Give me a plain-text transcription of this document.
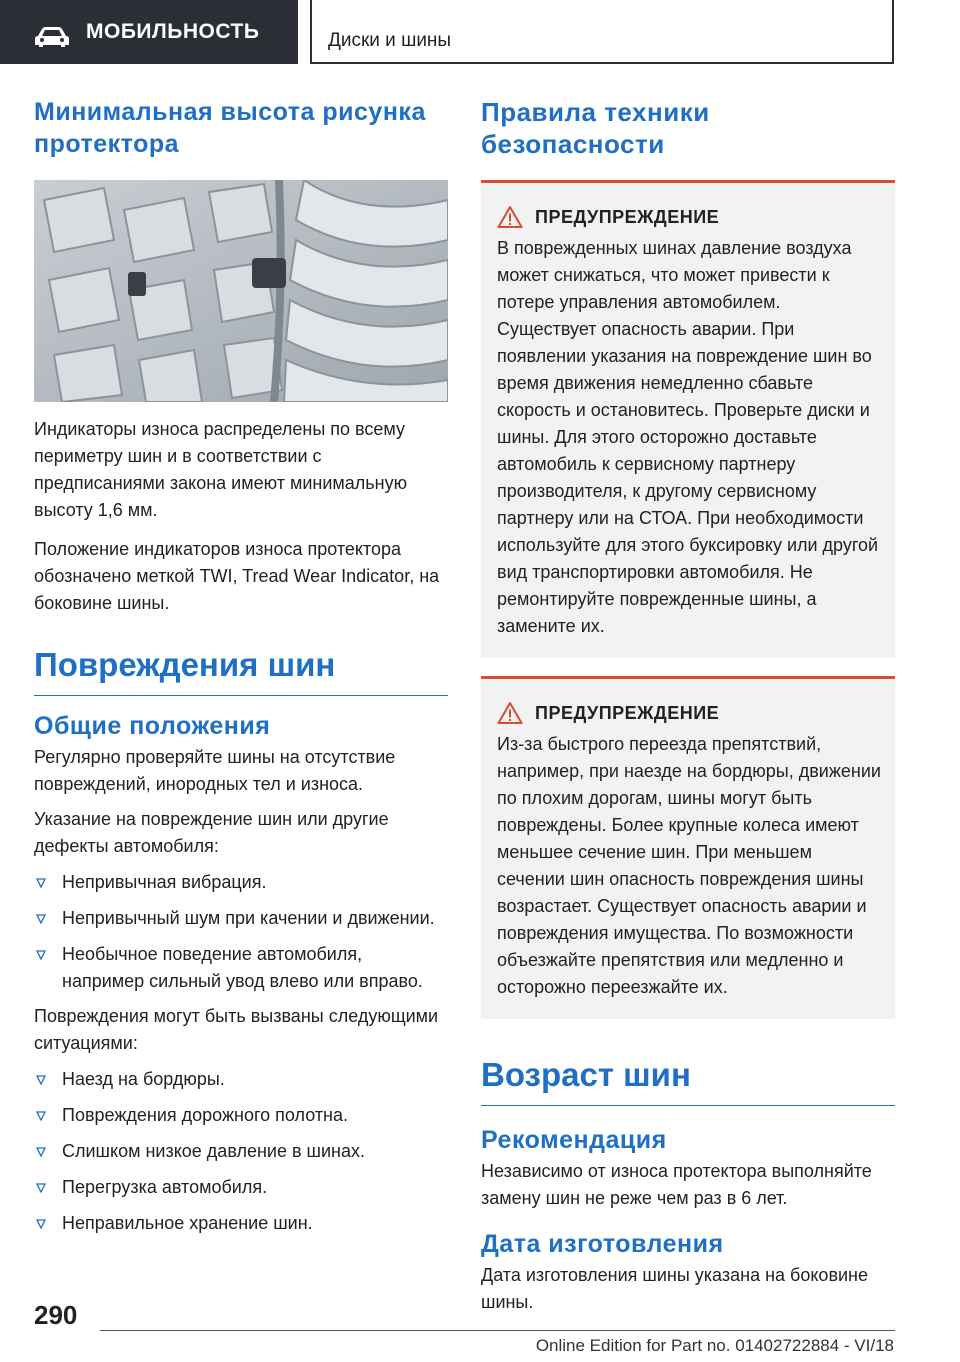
МОБИЛЬНОСТЬ	Диски и шины
Минимальная высота рисунка протектора

Индикаторы износа распределены по всему периметру шин и в соответствии с предписаниями закона имеют минимальную высоту 1,6 мм.

Положение индикаторов износа протектора обозначено меткой TWI, Tread Wear Indicator, на боковине шины.

Повреждения шин
Общие положения

Регулярно проверяйте шины на отсутствие повреждений, инородных тел и износа.

Указание на повреждение шин или другие дефекты автомобиля:

Непривычная вибрация.
Непривычный шум при качении и движении.
Необычное поведение автомобиля, например сильный увод влево или вправо.

Повреждения могут быть вызваны следующими ситуациями:

Наезд на бордюры.
Повреждения дорожного полотна.
Слишком низкое давление в шинах.
Перегрузка автомобиля.
Неправильное хранение шин.
Правила техники безопасности
ПРЕДУПРЕЖДЕНИЕ

В поврежденных шинах давление воздуха может снижаться, что может привести к потере управления автомобилем. Существует опасность аварии. При появлении указания на повреждение шин во время движения немедленно сбавьте скорость и остановитесь. Проверьте диски и шины. Для этого осторожно доставьте автомобиль к сервисному партнеру производителя, к другому сервисному партнеру или на СТОА. При необходимости используйте для этого буксировку или другой вид транспортировки автомобиля. Не ремонтируйте поврежденные шины, а замените их.

ПРЕДУПРЕЖДЕНИЕ

Из-за быстрого переезда препятствий, например, при наезде на бордюры, движении по плохим дорогам, шины могут быть повреждены. Более крупные колеса имеют меньшее сечение шин. При меньшем сечении шин опасность повреждения шины возрастает. Существует опасность аварии и повреждения имущества. По возможности объезжайте препятствия или медленно и осторожно переезжайте их.

Возраст шин
Рекомендация

Независимо от износа протектора выполняйте замену шин не реже чем раз в 6 лет.

Дата изготовления

Дата изготовления шины указана на боковине шины.

290
Online Edition for Part no. 01402722884 - VI/18
